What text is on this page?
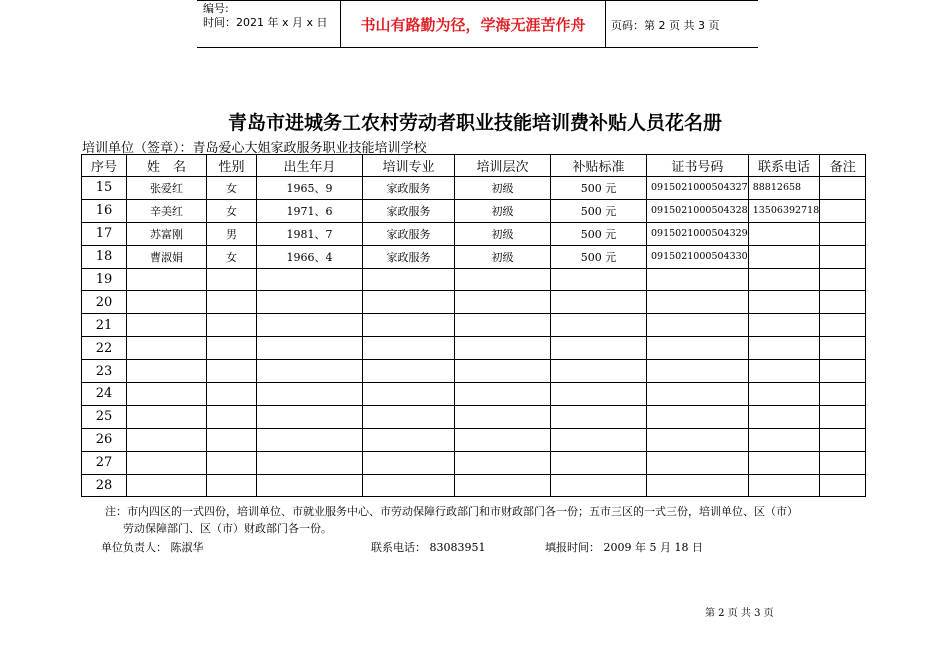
编号:
时间：2021 年 x 月 x 日	书山有路勤为径，学海无涯苦作舟	页码：第 2 页 共 3 页
青岛市进城务工农村劳动者职业技能培训费补贴人员花名册
培训单位（签章）：青岛爱心大姐家政服务职业技能培训学校
序号	姓　名	性别	出生年月	培训专业	培训层次	补贴标准	证书号码	联系电话	备注
15	张爱红	女	1965、9	家政服务	初级	500 元	0915021000504327	88812658	
16	辛美红	女	1971、6	家政服务	初级	500 元	0915021000504328	13506392718	
17	苏富刚	男	1981、7	家政服务	初级	500 元	0915021000504329		
18	曹淑娟	女	1966、4	家政服务	初级	500 元	0915021000504330		
19									
20									
21									
22									
23									
24									
25									
26									
27									
28									
注：市内四区的一式四份，培训单位、市就业服务中心、市劳动保障行政部门和市财政部门各一份；五市三区的一式三份，培训单位、区（市）
劳动保障部门、区（市）财政部门各一份。
单位负责人： 陈淑华	联系电话： 83083951	填报时间： 2009 年 5 月 18 日
第 2 页 共 3 页
